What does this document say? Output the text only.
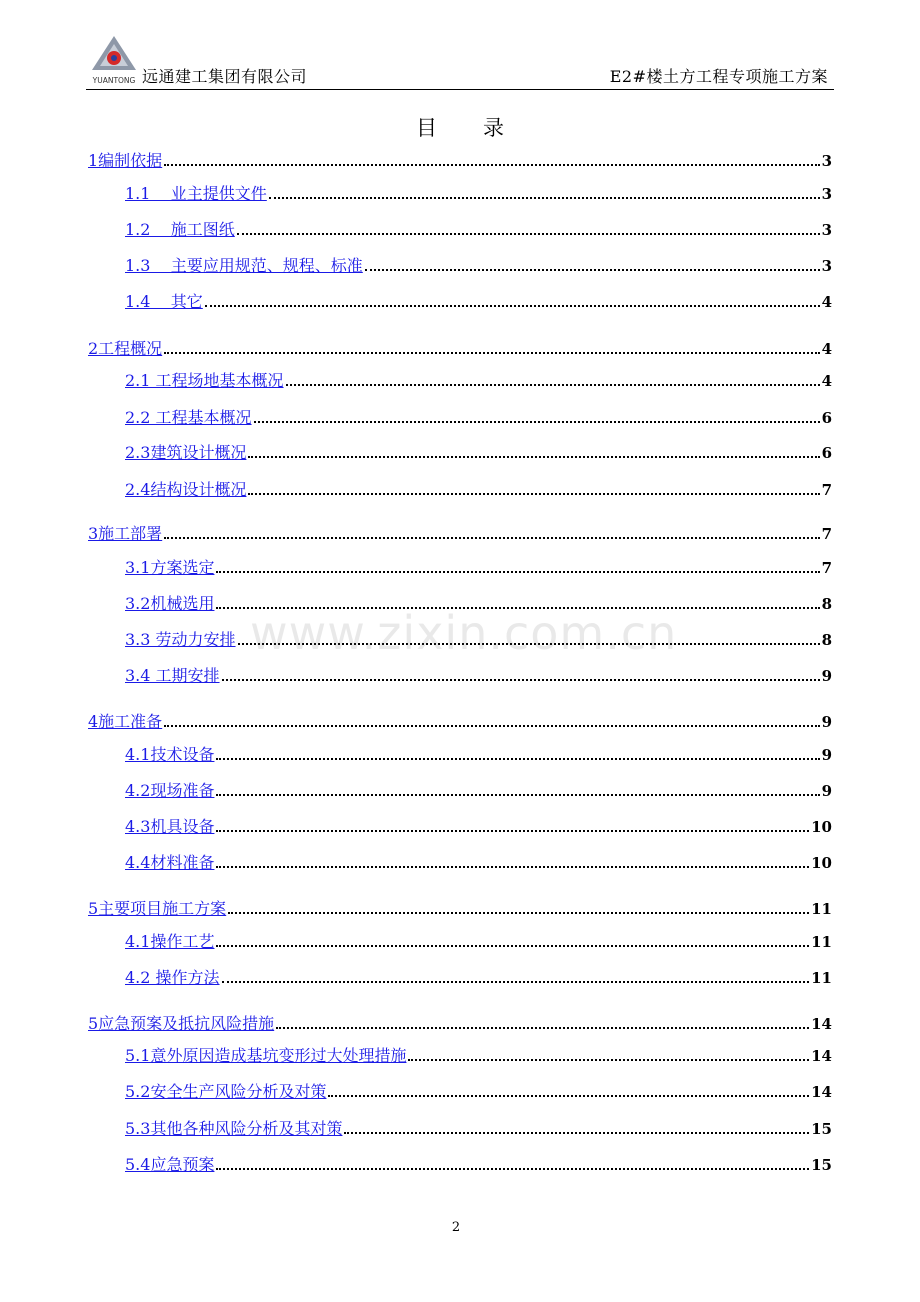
YUANTONG 远通建工集团有限公司	E2#楼土方工程专项施工方案
目 录
1编制依据	3
1.1    业主提供文件	3
1.2    施工图纸	3
1.3    主要应用规范、规程、标准	3
1.4    其它	4
2工程概况	4
2.1 工程场地基本概况	4
2.2 工程基本概况	6
2.3建筑设计概况	6
2.4结构设计概况	7
3施工部署	7
3.1方案选定	7
3.2机械选用	8
3.3 劳动力安排	8
3.4 工期安排	9
4施工准备	9
4.1技术设备	9
4.2现场准备	9
4.3机具设备	10
4.4材料准备	10
5主要项目施工方案	11
4.1操作工艺	11
4.2 操作方法	11
5应急预案及抵抗风险措施	14
5.1意外原因造成基坑变形过大处理措施	14
5.2安全生产风险分析及对策	14
5.3其他各种风险分析及其对策	15
5.4应急预案	15
www.zixin.com.cn
2
